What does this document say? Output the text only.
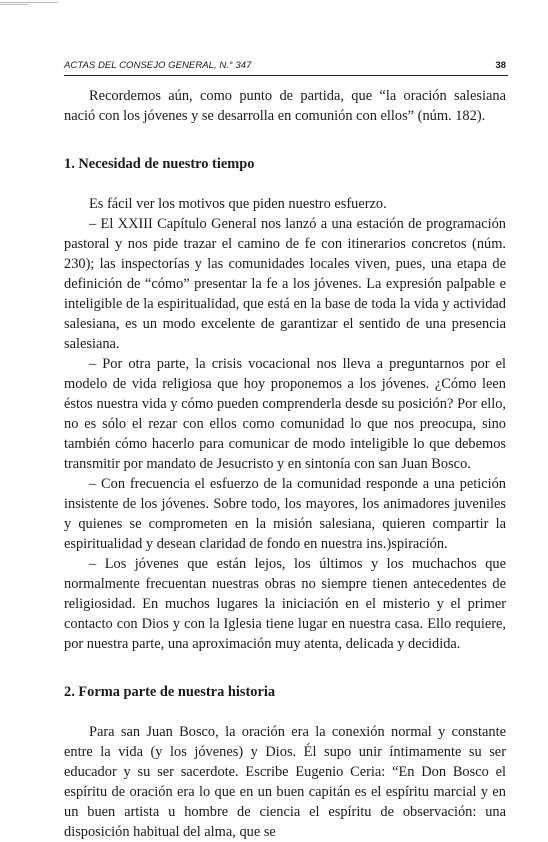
ACTAS DEL CONSEJO GENERAL, N.° 347	38

Recordemos aún, como punto de partida, que “la oración salesiana nació con los jóvenes y se desarrolla en comunión con ellos” (núm. 182).

1. Necesidad de nuestro tiempo

Es fácil ver los motivos que piden nuestro esfuerzo.

– El XXIII Capítulo General nos lanzó a una estación de programación pastoral y nos pide trazar el camino de fe con itinerarios concretos (núm. 230); las inspectorías y las comunidades locales viven, pues, una etapa de definición de “cómo” presentar la fe a los jóvenes. La expresión palpable e inteligible de la espiritualidad, que está en la base de toda la vida y actividad salesiana, es un modo excelente de garantizar el sentido de una presencia salesiana.

– Por otra parte, la crisis vocacional nos lleva a preguntarnos por el modelo de vida religiosa que hoy proponemos a los jóvenes. ¿Cómo leen éstos nuestra vida y cómo pueden comprenderla desde su posición? Por ello, no es sólo el rezar con ellos como comunidad lo que nos preocupa, sino también cómo hacerlo para comunicar de modo inteligible lo que debemos transmitir por mandato de Jesucristo y en sintonía con san Juan Bosco.

– Con frecuencia el esfuerzo de la comunidad responde a una petición insistente de los jóvenes. Sobre todo, los mayores, los animadores juveniles y quienes se comprometen en la misión salesiana, quieren compartir la espiritualidad y desean claridad de fondo en nuestra ins.)spiración.

– Los jóvenes que están lejos, los últimos y los muchachos que normalmente frecuentan nuestras obras no siempre tienen antecedentes de religiosidad. En muchos lugares la iniciación en el misterio y el primer contacto con Dios y con la Iglesia tiene lugar en nuestra casa. Ello requiere, por nuestra parte, una aproximación muy atenta, delicada y decidida.

2. Forma parte de nuestra historia

Para san Juan Bosco, la oración era la conexión normal y constante entre la vida (y los jóvenes) y Dios. Él supo unir íntimamente su ser educador y su ser sacerdote. Escribe Eugenio Ceria: “En Don Bosco el espíritu de oración era lo que en un buen capitán es el espíritu marcial y en un buen artista u hombre de ciencia el espíritu de observación: una disposición habitual del alma, que se
